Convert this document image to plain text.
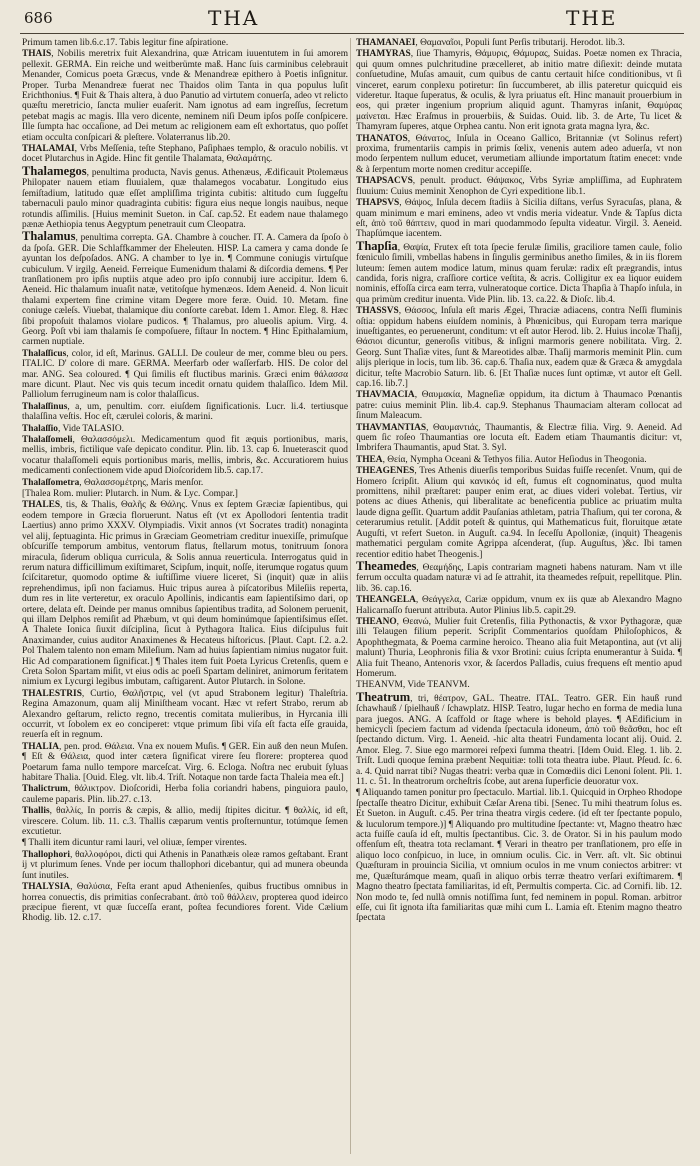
686	THA	THE

Primum tamen lib.6.c.17. Tabis legitur fine aſpiratione.

THAIS, Nobilis meretrix fuit Alexandrina, quæ Atricam iuuentutem in ſui amorem pellexit. GERMA. Ein reiche und weitberümte maß. Hanc ſuis carminibus celebrauit Menander, Comicus poeta Græcus, vnde & Menandreæ epithero à Poetis inſignitur. Proper. Turba Menandreæ fuerat nec Thaidos olim Tanta in qua populus luſit Erichthonius. ¶ Fuit & Thais altera, à duo Panutio ad virtutem conuerſa, adeo vt relicto quæſtu meretricio, ſancta mulier euaſerit. Nam ignotus ad eam ingreſſus, ſecretum petebat magis ac magis. Illa vero dicente, neminem niſi Deum ipſos poſſe conſpicere. Ille ſumpta hac occaſione, ad Dei metum ac religionem eam eſt exhortatus, quo poſſet etiam occulta conſpicari & pleſtere. Volaterranus lib.20.

THALAMAI, Vrbs Meſſenia, teſte Stephano, Paſiphaes templo, & oraculo nobilis. vt docet Plutarchus in Agide. Hinc fit gentile Thalamata, Θαλαμάτης.

Thalamegos, penultima producta, Navis genus. Athenæus, Ædificauit Ptolemæus Philopater nauem etiam fluuialem, quæ thalamegos vocabatur. Longitudo eius ſemiſtadium, latitudo quæ eſſet ampliſſima triginta cubitis: altitudo cum ſuggeſtu tabernaculi paulo minor quadraginta cubitis: figura eius neque longis nauibus, neque rotundis aſſimilis. [Huius meminit Sueton. in Caſ. cap.52. Et eadem naue thalamego pænæ Aethiopia tenus Aegyptum penetrauit cum Cleopatra.

Thalamus, penultima correpta. GA. Chambre à coucher. IT. A. Camera da ſpoſo ò da ſpoſa. GER. Die Schlaffkammer der Eheleuten. HISP. La camera y cama donde ſe ayuntan los deſpoſados. ANG. A chamber to lye in. ¶ Commune coniugis virtuſque cubiculum. V irgilg. Aeneid. Ferreique Eumenidum thalami & diſcordia demens. ¶ Per tranſlationem pro ipſis nuptiis atque adeo pro ipſo connubij iure accipitur. Idem 6. Aeneid. Hic thalamum inuaſit natæ, vetitoſque hymenæos. Idem Aeneid. 4. Non licuit thalami expertem fine crimine vitam Degere more feræ. Ouid. 10. Metam. fine coniuge cæleſs. Viuebat, thalamique diu conſorte carebat. Idem 1. Amor. Eleg. 8. Hæc ſibi propoſuit thalamos violare pudicos. ¶ Thalamus, pro alueolis apium. Virg. 4. Georg. Poſt vbi iam thalamis ſe compoſuere, fiſtaur In noctem. ¶ Hinc Epithalamium, carmen nuptiale.

Thalaſſicus, color, id eſt, Marinus. GALLI. De couleur de mer, comme bleu ou pers. ITALIC. D' colore di mare. GERMA. Meerfarb oder waſſerfarb. HIS. De color del mar. ANG. Sea coloured. ¶ Qui ſimilis eſt fluctibus marinis. Græci enim θάλασσα mare dicunt. Plaut. Nec vis quis tecum incedit ornatu quidem thalaſſico. Idem Mil. Palliolum ferrugineum nam is color thalaſſicus.

Thalaſſinus, a, um, penultim. corr. eiuſdem ſignificationis. Lucr. li.4. tertiusque thalaſſina veſtis. Hoc eſt, cæruleì coloris, & marini.

Thalaſſio, Vide TALASIO.

Thalaſſomeli, Θαλασσόμελι. Medicamentum quod fit æquis portionibus, maris, mellis, imbris, fictilique vaſe depicato conditur. Plin. lib. 13. cap 6. Inueterascit quod vocatur thalaſſomeli equis portionibus maris, mellis, imbris, &c. Accuratiorem huius medicamenti conſectionem vide apud Dioſcoridem lib.5. cap.17.

Thalaſſometra, Θαλασσομέτρης, Maris menſor.

[Thalea Rom. mulier: Plutarch. in Num. & Lyc. Compar.]

THALES, tis, & Thalis, Θαλῆς & Θάλης. Vnus ex ſeptem Græciæ ſapientibus, qui eodem tempore in Græcia floruerunt. Natus eſt (vt ex Apollodori ſententia tradit Laertius) anno primo XXXV. Olympiadis. Vixit annos (vt Socrates tradit) nonaginta vel alij, ſeptuaginta. Hic primus in Græciam Geometriam creditur inuexiſſe, primuſque obſcuriſſe temporum ambitus, ventorum flatus, ſtellarum motus, tonitruum ſonora miracula, ſiderum obliqua curricula, & Solis annua reuerticula. Interrogatus quid in rerum natura difficillimum exiſtimaret, Scipſum, inquit, noſſe, iterumque rogatus quum ſciſcitaretur, quomodo optime & iuſtiſſime viuere liceret, Si (inquit) quæ in aliis reprehendimus, ipſi non faciamus. Huic tripus aurea à piſcatoribus Mileſiis reperta, dum res in lite verteretur, ex oraculo Apollinis, indicantis eam ſapientiſsimo dari, op ortere, delata eſt. Deinde per manus omnibus ſapientibus tradita, ad Solonem peruenit, qui illam Delphos remiſit ad Phæbum, vt qui deum hominúmque ſapientiſsimus eſſet. A Thalete Ionica ſiuxit diſciplina, ſicut à Pythagora Italica. Eius diſcipulus fuit Anaximander, cuius auditor Anaximenes & Hecateus hiſtoricus. [Plaut. Capt. ſ.2. a.2. Pol Thalem talento non emam Mileſium. Nam ad huius ſapientiam nimius nugator fuit. Hic Ad comparationem ſignificat.] ¶ Thales item fuit Poeta Lyricus Cretenſis, quem e Creta Solon Spartam miſit, vt eius odis ac poeſi Spartam deliniret, animorum feritatem nimium ex Lycurgi legibus imbutam, caſtigarent. Autor Plutarch. in Solone.

THALESTRIS, Curtio, Θαλῆστρις, vel (vt apud Strabonem legitur) Thaleſtria. Regina Amazonum, quam alij Miniſtheam vocant. Hæc vt refert Strabo, rerum ab Alexandro geſtarum, relicto regno, trecentis comitata mulieribus, in Hyrcania illi occurrit, vt ſobolem ex eo conciperet: vtque primum ſibi viſa eſt facta eſſe grauida, reuerſa eſt in regnum.

THALIA, pen. prod. Θάλεια. Vna ex nouem Muſis. ¶ GER. Ein auß den neun Muſen. ¶ Eſt & Θάλεια, quod inter cætera ſignificat virere ſeu florere: propterea quod Poetarum fama nullo tempore marceſcat. Virg. 6. Ecloga. Noſtra nec erubuit ſyluas habitare Thalia. [Ouid. Eleg. vlt. lib.4. Triſt. Notaque non tarde facta Thaleia mea eſt.]

Thalictrum, θάλικτρον. Dioſcoridi, Herba folia coriandri habens, pinguiora paulo, cauleme paparis. Plin. lib.27. c.13.

Thallis, θαλλίς, In porris & cæpis, & allio, medij ſtipites dicitur. ¶ θαλλίς, id eſt, virescere. Colum. lib. 11. c.3. Thallis cæparum ventis proſternuntur, totúmque ſemen excutietur.

¶ Thalli item dicuntur rami lauri, vel oliuæ, ſemper virentes.

Thallophori, θαλλοφόροι, dicti qui Athenis in Panathæis oleæ ramos geſtabant. Erant ij vt plurimum ſenes. Vnde per iocum thallophori dicebantur, qui ad munera obeunda ſunt inutiles.

THALYSIA, Θαλύσια, Feſta erant apud Athenienſes, quibus fructibus omnibus in horrea conuectis, dis primitias conſecrabant. ἀπὸ τοῦ θάλλειν, propterea quod ideirco præcipue fierent, vt quæ ſucceſſa erant, poſtea fecundiores forent. Vide Cælium Rhodig. lib. 12. c.17.

THAMANAEI, Θαμαναῖοι, Populi ſunt Perſis tributarij. Herodot. lib.3.

THAMYRAS, ſiue Thamyris, Θάμυρις, Θάμυρας, Suidas. Poetæ nomen ex Thracia, qui quum omnes pulchritudine præcelleret, ab initio matre diſiexit: deinde mutata conſuetudine, Muſas amauit, cum quibus de cantu certauit hiſce conditionibus, vt ſi vinceret, earum conplexu potiretur: ſin ſuccumberet, ab illis pateretur quicquid eis videretur. Itaque ſuperatus, & oculis, & lyra priuatus eſt. Hinc manauit prouerbium in eos, qui præter ingenium proprium aliquid agunt. Thamyras inſanit, Θαμύρας μαίνεται. Hæc Eraſmus in prouerbiis, & Suidas. Ouid. lib. 3. de Arte, Tu licet & Thamyram ſuperes, atque Orphea cantu. Non erit ignota grata magna lyra, &c.

THANATOS, Θάνατος, Inſula in Oceano Gallico, Britanniæ (vt Solinus refert) proxima, frumentariis campis in primis ſœlix, venenis autem adeo aduerſa, vt non modo ſerpentem nullum educet, verumetiam alliunde importatum ſtatim enecet: vnde & à ſerpentum morte nomen creditur accepiſſe.

THAPSACVS, penult. product. Θάψακος, Vrbs Syriæ ampliſſima, ad Euphratem fluuium: Cuius meminit Xenophon de Cyri expeditione lib.1.

THAPSVS, Θάψος, Inſula decem ſtadiis à Sicilia diſtans, verſus Syracuſas, plana, & quam minimum e mari eminens, adeo vt vndis meria videatur. Vnde & Tapſus dicta eſt, ἀπὸ τοῦ θάπτειν, quod in mari quodammodo ſepulta videatur. Virgil. 3. Aeneid. Thapſúmque iacentem.

Thapſia, Θαψία, Frutex eſt tota ſpecie ferulæ ſimilis, graciliore tamen caule, folio fœniculo ſimili, vmbellas habens in ſingulis germinibus anetho ſimiles, & in iis florem luteum: ſemen autem modice latum, minus quam ferulæ: radix eſt prægrandis, intus candida, foris nigra, craſſiore cortice veſtita, & acris. Colligitur ex ea liquor euidem nominis, effoſſa circa eam terra, vulneratoque cortice. Dicta Thapſia à Thapſo inſula, in qua primùm creditur inuenta. Vide Plin. lib. 13. ca.22. & Dioſc. lib.4.

THASSVS, Θάσσος, Inſula eſt maris Ægei, Thraciæ adiacens, contra Neſſi fluminis oſtia: oppidum habens eiuſdem nominis, à Phœnicibus, qui Europam terra marique inueſtigantes, eo peruenerunt, conditum: vt eſt autor Herod. lib. 2. Huius incolæ Thaſij, Θάσιοι dicuntur, generoſis vitibus, & inſigni marmoris genere nobilitata. Virg. 2. Georg. Sunt Thaſiæ vites, ſunt & Mareotides albæ. Thaſij marmoris meminit Plin. cum alijs plerique in locis, tum lib. 36. cap.6. Thaſia nux, eadem quæ & Græca & amygdala dicitur, teſte Macrobio Saturn. lib. 6. [Et Thaſiæ nuces ſunt optimæ, vt autor eſt Gell. cap.16. lib.7.]

THAVMACIA, Θαυμακία, Magneſiæ oppidum, ita dictum à Thaumaco Pœnantis patre: cuius meminit Plin. lib.4. cap.9. Stephanus Thaumaciam alteram collocat ad ſinum Maleacum.

THAVMANTIAS, Θαυμαντιάς, Thaumantis, & Electræ filia. Virg. 9. Aeneid. Ad quem ſic roſeo Thaumantias ore locuta eſt. Eadem etiam Thaumantis dicitur: vt, Imbrifera Thaumantis, apud Stat. 3. Syl.

THEA, Θεία, Nympha Oceani & Tethyos filia. Autor Heſiodus in Theogonia.

THEAGENES, Tres Athenis diuerſis temporibus Suidas fuiſſe recenſet. Vnum, qui de Homero ſcripſit. Alium qui κανικός id eſt, fumus eſt cognominatus, quod multa promittens, nihil præſtaret: pauper enim erat, ac diues videri volebat. Tertius, vir potens ac diues Athenis, qui liberalitate ac beneficentia publice ac priuatim multa laude digna geſſit. Quartum addit Pauſanias athletam, patria Thaſium, qui ter corona, & ceterarumius retulit. [Addit poteſt & quintus, qui Mathematicus fuit, floruitque ætate Auguſti, vt refert Sueton. in Auguſt. ca.94. In ſeceſſu Apolloniæ, (inquit) Theagenis mathematici pergulam comite Agrippa aſcenderat, (ſup. Auguſtus, )&c. Ibi tamen recentior editio habet Theogenis.]

Theamedes, Θεαμήδης, Lapis contrariam magneti habens naturam. Nam vt ille ferrum occulta quadam naturæ vi ad ſe attrahit, ita theamedes reſpuit, repellitque. Plin. lib. 36. cap.16.

THEANGELA, Θεάγγελα, Cariæ oppidum, vnum ex iis quæ ab Alexandro Magno Halicarnaſſo fuerunt attributa. Autor Plinius lib.5. capit.29.

THEANO, Θεανώ, Mulier fuit Cretenſis, filia Pythonactis, & vxor Pythagoræ, quæ illi Telaugen filium peperit. Scripſit Commentarios quoſdam Philoſophicos, & Apophthegmata, & Poema carmine heroico. Theano alia fuit Metapontina, aut (vt alij malunt) Thuria, Leophronis filia & vxor Brotini: cuius ſcripta enumerantur à Suida. ¶ Alia fuit Theano, Antenoris vxor, & ſacerdos Palladis, cuius frequens eſt mentio apud Homerum.

THEANVM, Vide TEANVM.

Theatrum, tri, θέατρον, GAL. Theatre. ITAL. Teatro. GER. Ein hauß rund ſchawhauß / ſpielhauß / ſchawplatz. HISP. Teatro, lugar hecho en forma de media luna para juegos. ANG. A ſcaffold or ſtage where is behold playes. ¶ AEdificium in hemicycli ſpeciem factum ad videnda ſpectacula idoneum, ἀπὸ τοῦ θεᾶσθαι, hoc eſt ſpectando dictum. Virg. 1. Aeneid. -hic alta theatri Fundamenta locant alij. Ouid. 2. Amor. Eleg. 7. Siue ego marmorei reſpexi ſumma theatri. [Idem Ouid. Eleg. 1. lib. 2. Triſt. Ludi quoque ſemina præbent Nequitiæ: tolli tota theatra iube. Plaut. Pſeud. ſc. 6. a. 4. Quid narrat tibi? Nugas theatri: verba quæ in Comœdiis dici Lenoni ſolent. Pli. 1. 11. c. 51. In theatrorum orcheſtris ſcobe, aut arena ſuperficie deuoratur vox.

¶ Aliquando tamen ponitur pro ſpectaculo. Martial. lib.1. Quicquid in Orpheo Rhodope ſpectaſſe theatro Dicitur, exhibuit Cæſar Arena tibi. [Senec. Tu mihi theatrum ſolus es. Et Sueton. in Auguſt. c.45. Per trina theatra virgis cedere. (id eſt ter ſpectante populo, & luculorum tempore.)] ¶ Aliquando pro multitudine ſpectante: vt, Magno theatro hæc acta fuiſſe cauſa id eſt, multis ſpectantibus. Cic. 3. de Orator. Si in his paulum modo offenſum eſt, theatra tota reclamant. ¶ Verari in theatro per tranſlationem, pro eſſe in aliquo loco conſpicuo, in luce, in omnium oculis. Cic. in Verr. aſt. vlt. Sic obtinui Quæſturam in prouincia Sicilia, vt omnium oculos in me vnum coniectos arbitrer: vt me, Quæſturámque meam, quaſi in aliquo orbis terræ theatro verſari exiſtimarem. ¶ Magno theatro ſpectata familiaritas, id eſt, Permultis comperta. Cic. ad Cornifi. lib. 12. Non modo te, ſed nullà omnis notiſſima ſunt, fed neminem in popul. Roman. arbitror eſſe, cui ſit ignota iſta familiaritas quæ mihi cum L. Lamia eſt. Etenim magno theatro ſpectata
